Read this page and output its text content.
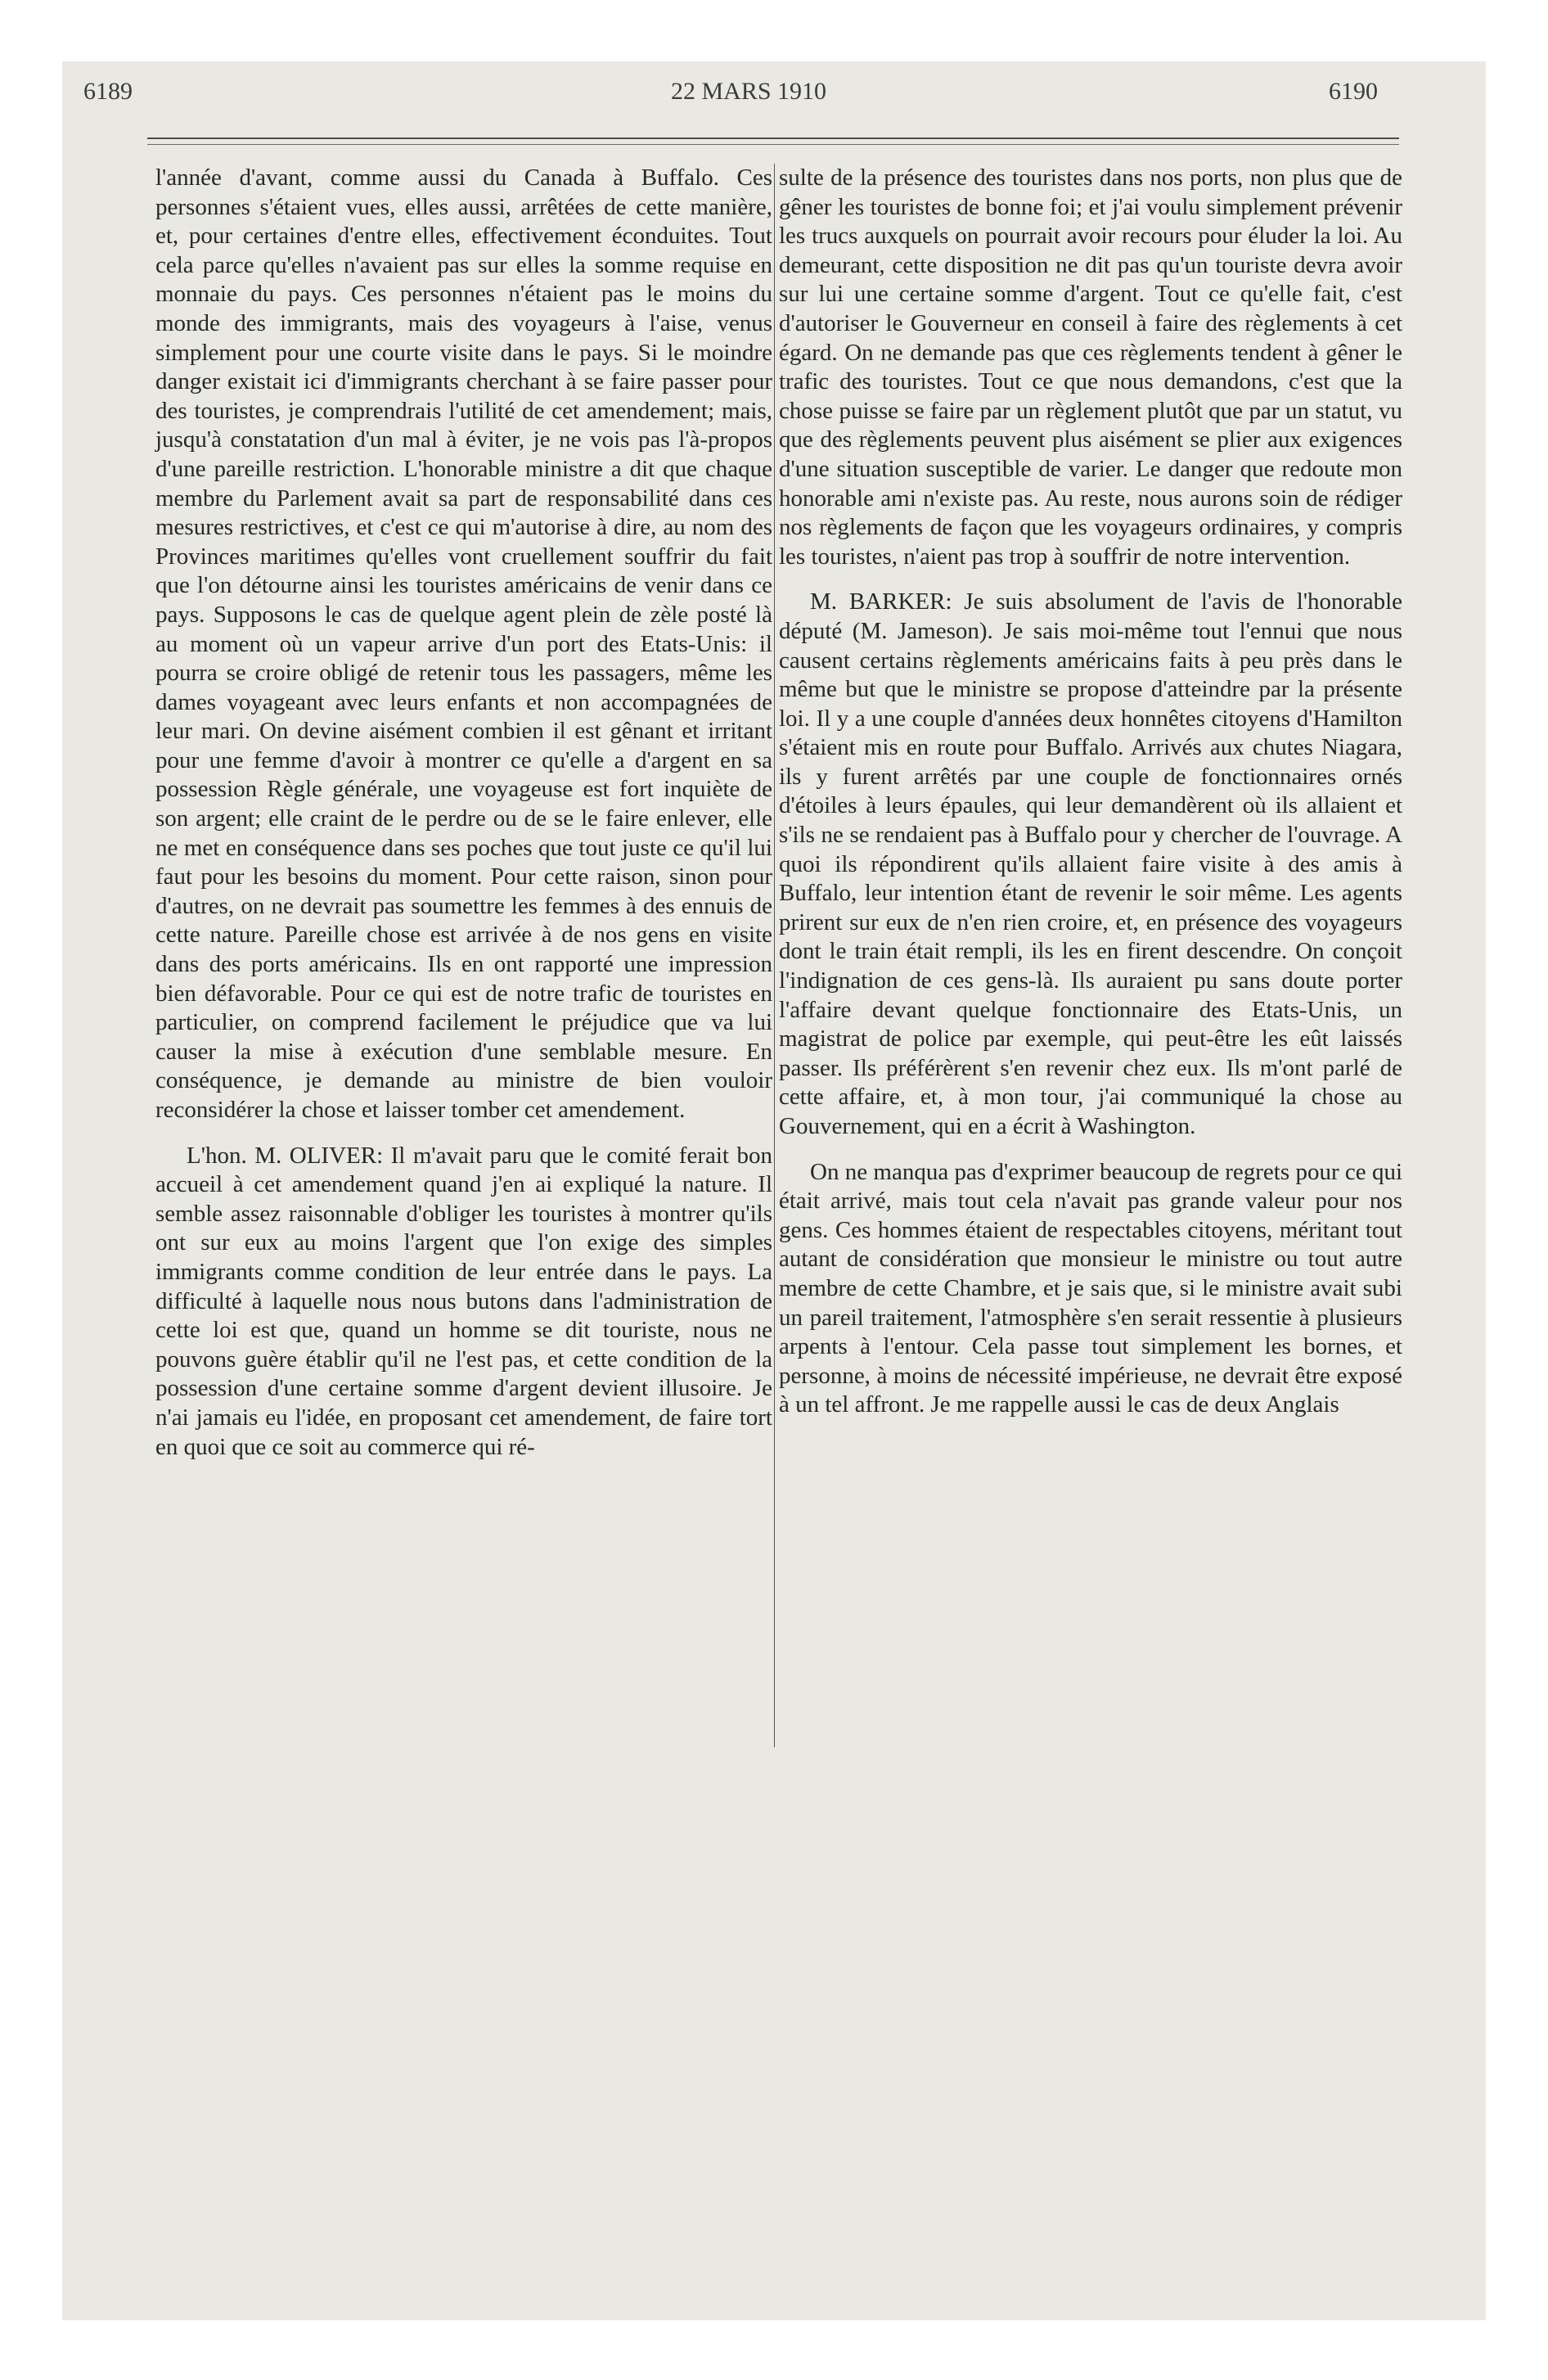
6189	22 MARS 1910	6190

l'année d'avant, comme aussi du Canada à Buffalo. Ces personnes s'étaient vues, elles aussi, arrêtées de cette manière, et, pour certaines d'entre elles, effectivement éconduites. Tout cela parce qu'elles n'avaient pas sur elles la somme requise en monnaie du pays. Ces personnes n'étaient pas le moins du monde des immigrants, mais des voyageurs à l'aise, venus simplement pour une courte visite dans le pays. Si le moindre danger existait ici d'immigrants cherchant à se faire passer pour des touristes, je comprendrais l'utilité de cet amendement; mais, jusqu'à constatation d'un mal à éviter, je ne vois pas l'à-propos d'une pareille restriction. L'honorable ministre a dit que chaque membre du Parlement avait sa part de responsabilité dans ces mesures restrictives, et c'est ce qui m'autorise à dire, au nom des Provinces maritimes qu'elles vont cruellement souffrir du fait que l'on détourne ainsi les touristes américains de venir dans ce pays. Supposons le cas de quelque agent plein de zèle posté là au moment où un vapeur arrive d'un port des Etats-Unis: il pourra se croire obligé de retenir tous les passagers, même les dames voyageant avec leurs enfants et non accompagnées de leur mari. On devine aisément combien il est gênant et irritant pour une femme d'avoir à montrer ce qu'elle a d'argent en sa possession Règle générale, une voyageuse est fort inquiète de son argent; elle craint de le perdre ou de se le faire enlever, elle ne met en conséquence dans ses poches que tout juste ce qu'il lui faut pour les besoins du moment. Pour cette raison, sinon pour d'autres, on ne devrait pas soumettre les femmes à des ennuis de cette nature. Pareille chose est arrivée à de nos gens en visite dans des ports américains. Ils en ont rapporté une impression bien défavorable. Pour ce qui est de notre trafic de touristes en particulier, on comprend facilement le préjudice que va lui causer la mise à exécution d'une semblable mesure. En conséquence, je demande au ministre de bien vouloir reconsidérer la chose et laisser tomber cet amendement.

L'hon. M. OLIVER: Il m'avait paru que le comité ferait bon accueil à cet amendement quand j'en ai expliqué la nature. Il semble assez raisonnable d'obliger les touristes à montrer qu'ils ont sur eux au moins l'argent que l'on exige des simples immigrants comme condition de leur entrée dans le pays. La difficulté à laquelle nous nous butons dans l'administration de cette loi est que, quand un homme se dit touriste, nous ne pouvons guère établir qu'il ne l'est pas, et cette condition de la possession d'une certaine somme d'argent devient illusoire. Je n'ai jamais eu l'idée, en proposant cet amendement, de faire tort en quoi que ce soit au commerce qui ré-

sulte de la présence des touristes dans nos ports, non plus que de gêner les touristes de bonne foi; et j'ai voulu simplement prévenir les trucs auxquels on pourrait avoir recours pour éluder la loi. Au demeurant, cette disposition ne dit pas qu'un touriste devra avoir sur lui une certaine somme d'argent. Tout ce qu'elle fait, c'est d'autoriser le Gouverneur en conseil à faire des règlements à cet égard. On ne demande pas que ces règlements tendent à gêner le trafic des touristes. Tout ce que nous demandons, c'est que la chose puisse se faire par un règlement plutôt que par un statut, vu que des règlements peuvent plus aisément se plier aux exigences d'une situation susceptible de varier. Le danger que redoute mon honorable ami n'existe pas. Au reste, nous aurons soin de rédiger nos règlements de façon que les voyageurs ordinaires, y compris les touristes, n'aient pas trop à souffrir de notre intervention.

M. BARKER: Je suis absolument de l'avis de l'honorable député (M. Jameson). Je sais moi-même tout l'ennui que nous causent certains règlements américains faits à peu près dans le même but que le ministre se propose d'atteindre par la présente loi. Il y a une couple d'années deux honnêtes citoyens d'Hamilton s'étaient mis en route pour Buffalo. Arrivés aux chutes Niagara, ils y furent arrêtés par une couple de fonctionnaires ornés d'étoiles à leurs épaules, qui leur demandèrent où ils allaient et s'ils ne se rendaient pas à Buffalo pour y chercher de l'ouvrage. A quoi ils répondirent qu'ils allaient faire visite à des amis à Buffalo, leur intention étant de revenir le soir même. Les agents prirent sur eux de n'en rien croire, et, en présence des voyageurs dont le train était rempli, ils les en firent descendre. On conçoit l'indignation de ces gens-là. Ils auraient pu sans doute porter l'affaire devant quelque fonctionnaire des Etats-Unis, un magistrat de police par exemple, qui peut-être les eût laissés passer. Ils préférèrent s'en revenir chez eux. Ils m'ont parlé de cette affaire, et, à mon tour, j'ai communiqué la chose au Gouvernement, qui en a écrit à Washington.

On ne manqua pas d'exprimer beaucoup de regrets pour ce qui était arrivé, mais tout cela n'avait pas grande valeur pour nos gens. Ces hommes étaient de respectables citoyens, méritant tout autant de considération que monsieur le ministre ou tout autre membre de cette Chambre, et je sais que, si le ministre avait subi un pareil traitement, l'atmosphère s'en serait ressentie à plusieurs arpents à l'entour. Cela passe tout simplement les bornes, et personne, à moins de nécessité impérieuse, ne devrait être exposé à un tel affront. Je me rappelle aussi le cas de deux Anglais
